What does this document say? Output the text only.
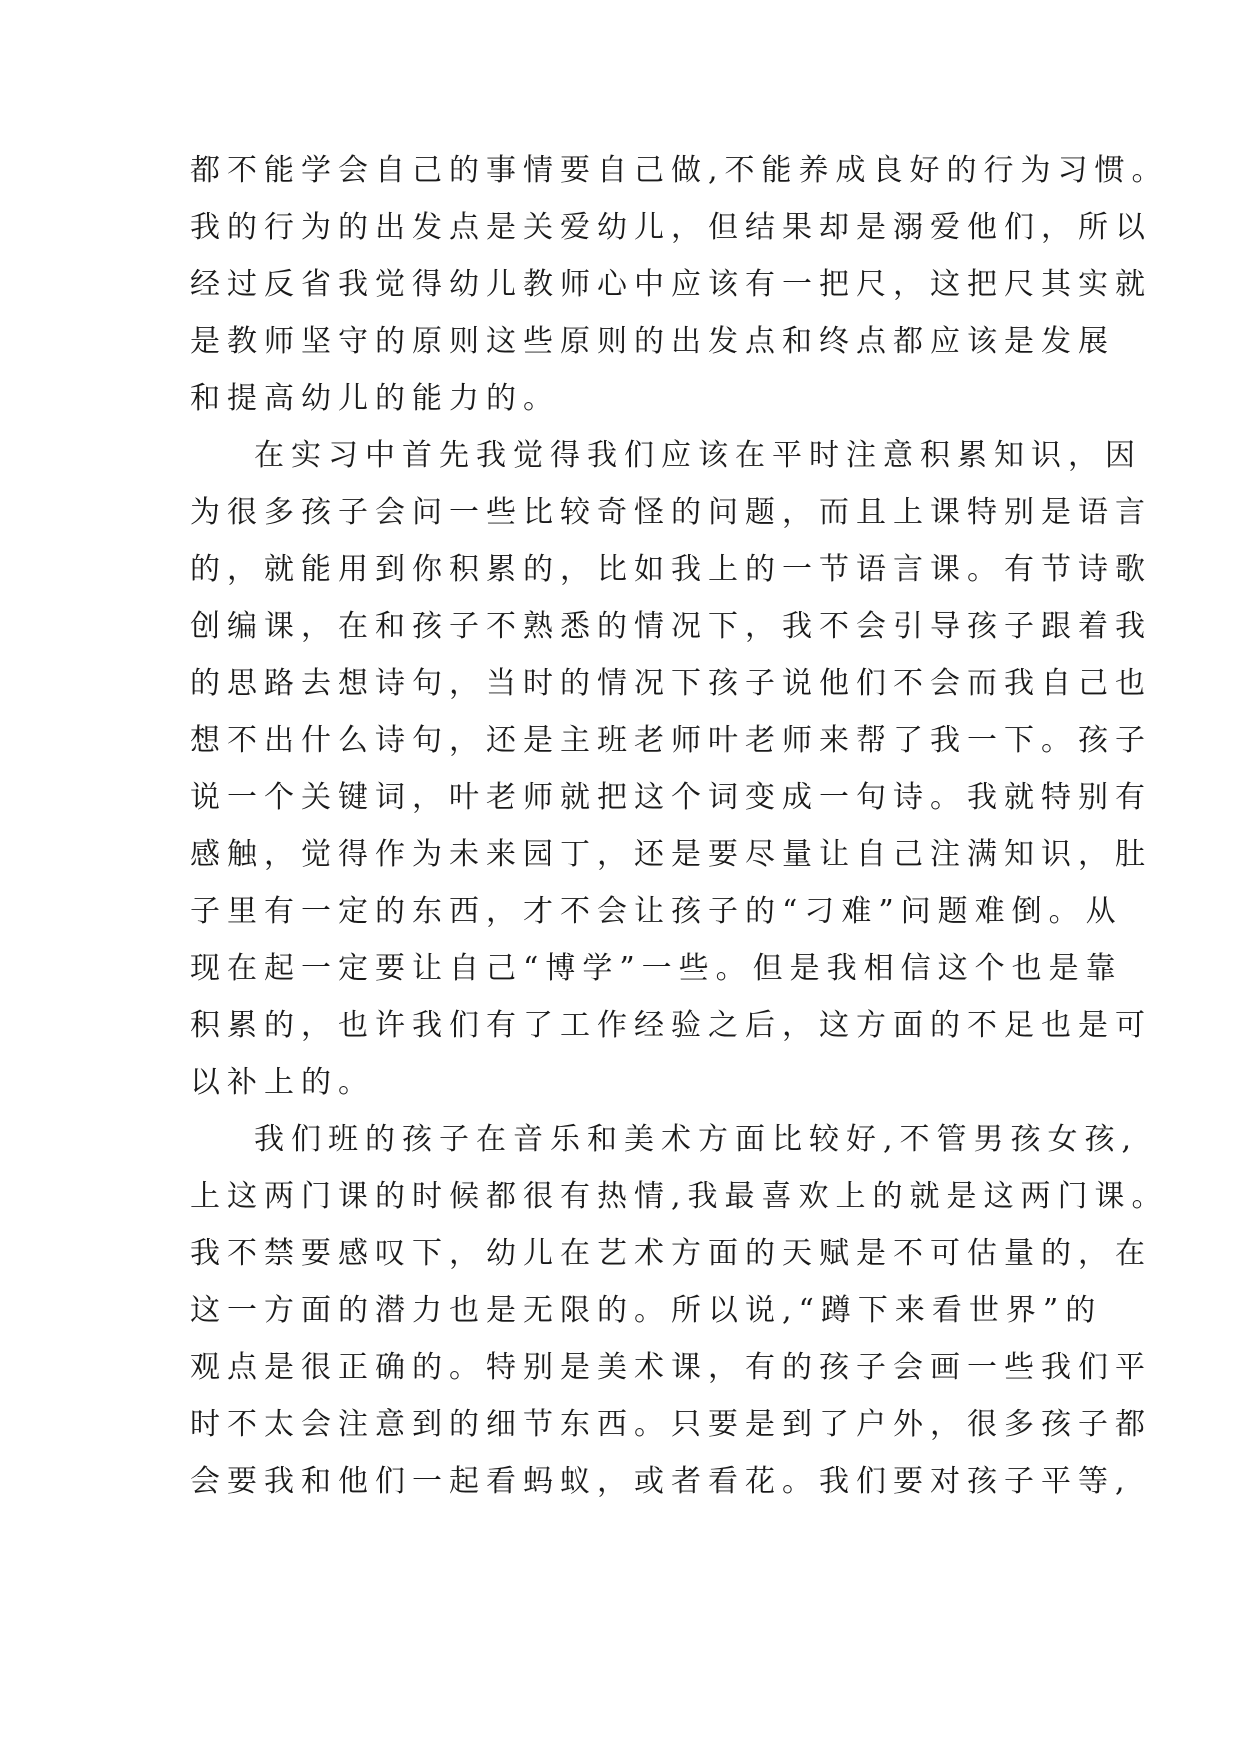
都不能学会自己的事情要自己做,不能养成良好的行为习惯。
我的行为的出发点是关爱幼儿，但结果却是溺爱他们，所以
经过反省我觉得幼儿教师心中应该有一把尺，这把尺其实就
是教师坚守的原则这些原则的出发点和终点都应该是发展
和提高幼儿的能力的。
在实习中首先我觉得我们应该在平时注意积累知识，因
为很多孩子会问一些比较奇怪的问题，而且上课特别是语言
的，就能用到你积累的，比如我上的一节语言课。有节诗歌
创编课，在和孩子不熟悉的情况下，我不会引导孩子跟着我
的思路去想诗句，当时的情况下孩子说他们不会而我自己也
想不出什么诗句，还是主班老师叶老师来帮了我一下。孩子
说一个关键词，叶老师就把这个词变成一句诗。我就特别有
感触，觉得作为未来园丁，还是要尽量让自己注满知识，肚
子里有一定的东西，才不会让孩子的“刁难”问题难倒。从
现在起一定要让自己“博学”一些。但是我相信这个也是靠
积累的，也许我们有了工作经验之后，这方面的不足也是可
以补上的。
我们班的孩子在音乐和美术方面比较好,不管男孩女孩,
上这两门课的时候都很有热情,我最喜欢上的就是这两门课。
我不禁要感叹下，幼儿在艺术方面的天赋是不可估量的，在
这一方面的潜力也是无限的。所以说,“蹲下来看世界”的
观点是很正确的。特别是美术课，有的孩子会画一些我们平
时不太会注意到的细节东西。只要是到了户外，很多孩子都
会要我和他们一起看蚂蚁，或者看花。我们要对孩子平等,
